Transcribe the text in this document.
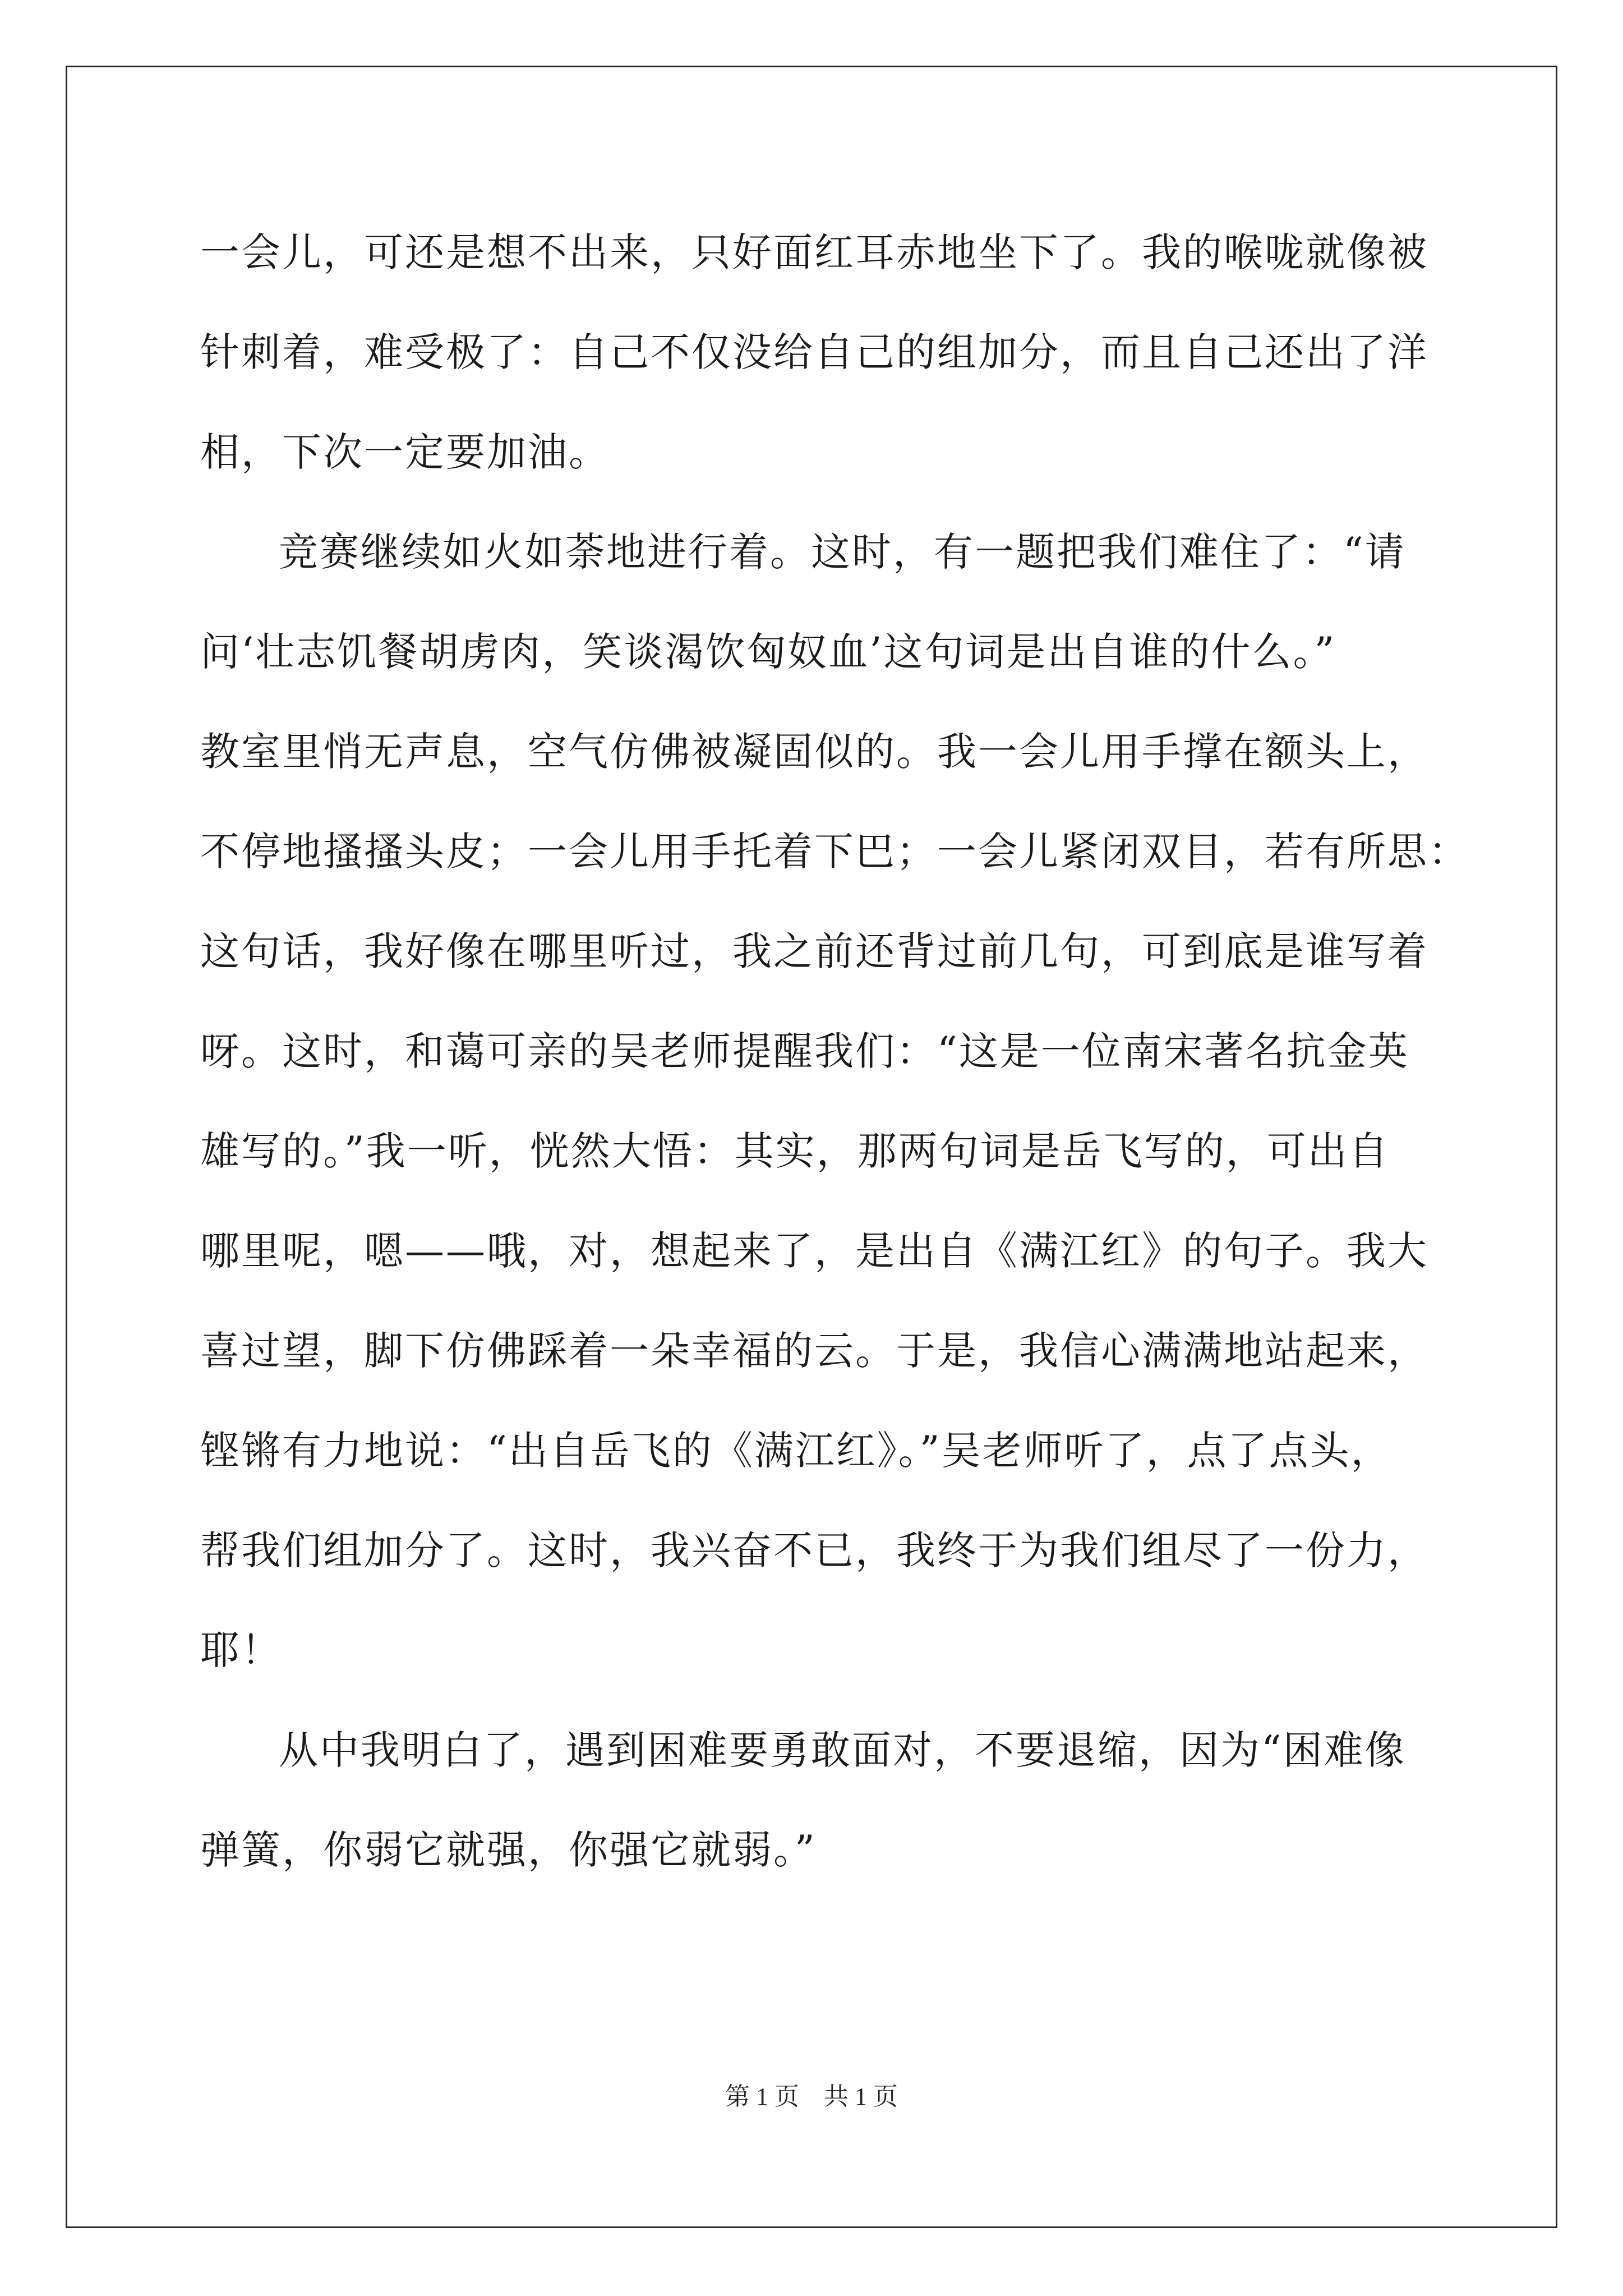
一会儿，可还是想不出来，只好面红耳赤地坐下了。我的喉咙就像被
针刺着，难受极了：自己不仅没给自己的组加分，而且自己还出了洋
相，下次一定要加油。
竞赛继续如火如荼地进行着。这时，有一题把我们难住了：“请
问‘壮志饥餐胡虏肉，笑谈渴饮匈奴血’这句词是出自谁的什么。”
教室里悄无声息，空气仿佛被凝固似的。我一会儿用手撑在额头上，
不停地搔搔头皮；一会儿用手托着下巴；一会儿紧闭双目，若有所思：
这句话，我好像在哪里听过，我之前还背过前几句，可到底是谁写着
呀。这时，和蔼可亲的吴老师提醒我们：“这是一位南宋著名抗金英
雄写的。”我一听，恍然大悟：其实，那两句词是岳飞写的，可出自
哪里呢，嗯——哦，对，想起来了，是出自《满江红》的句子。我大
喜过望，脚下仿佛踩着一朵幸福的云。于是，我信心满满地站起来，
铿锵有力地说：“出自岳飞的《满江红》。”吴老师听了，点了点头，
帮我们组加分了。这时，我兴奋不已，我终于为我们组尽了一份力，
耶！
从中我明白了，遇到困难要勇敢面对，不要退缩，因为“困难像
弹簧，你弱它就强，你强它就弱。”
第 1 页　共 1 页
